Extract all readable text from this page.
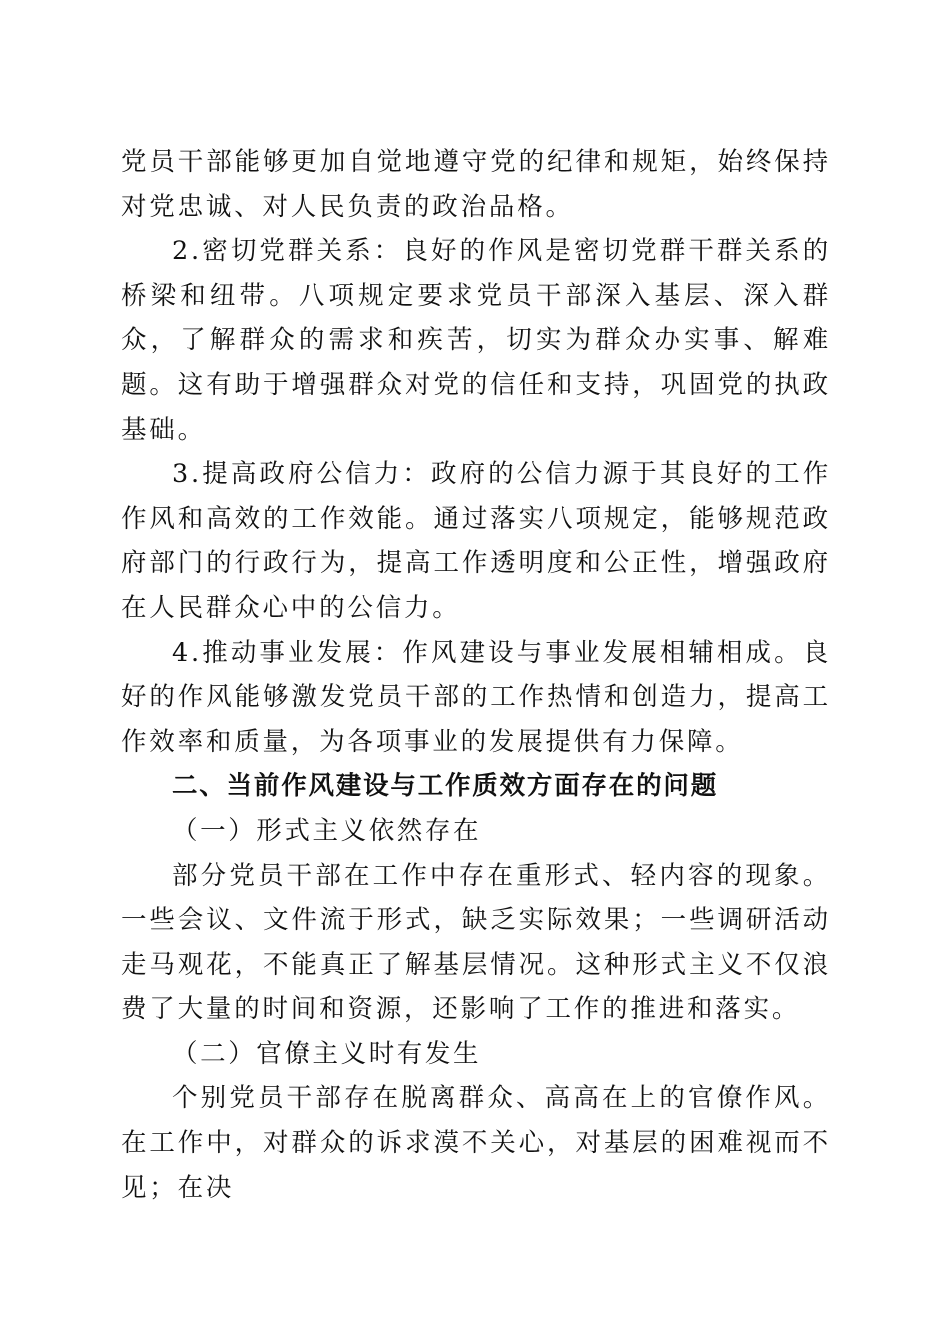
党员干部能够更加自觉地遵守党的纪律和规矩，始终保持对党忠诚、对人民负责的政治品格。

2.密切党群关系：良好的作风是密切党群干群关系的桥梁和纽带。八项规定要求党员干部深入基层、深入群众，了解群众的需求和疾苦，切实为群众办实事、解难题。这有助于增强群众对党的信任和支持，巩固党的执政基础。

3.提高政府公信力：政府的公信力源于其良好的工作作风和高效的工作效能。通过落实八项规定，能够规范政府部门的行政行为，提高工作透明度和公正性，增强政府在人民群众心中的公信力。

4.推动事业发展：作风建设与事业发展相辅相成。良好的作风能够激发党员干部的工作热情和创造力，提高工作效率和质量，为各项事业的发展提供有力保障。

二、当前作风建设与工作质效方面存在的问题

（一）形式主义依然存在

部分党员干部在工作中存在重形式、轻内容的现象。一些会议、文件流于形式，缺乏实际效果；一些调研活动走马观花，不能真正了解基层情况。这种形式主义不仅浪费了大量的时间和资源，还影响了工作的推进和落实。

（二）官僚主义时有发生

个别党员干部存在脱离群众、高高在上的官僚作风。在工作中，对群众的诉求漠不关心，对基层的困难视而不见；在决
